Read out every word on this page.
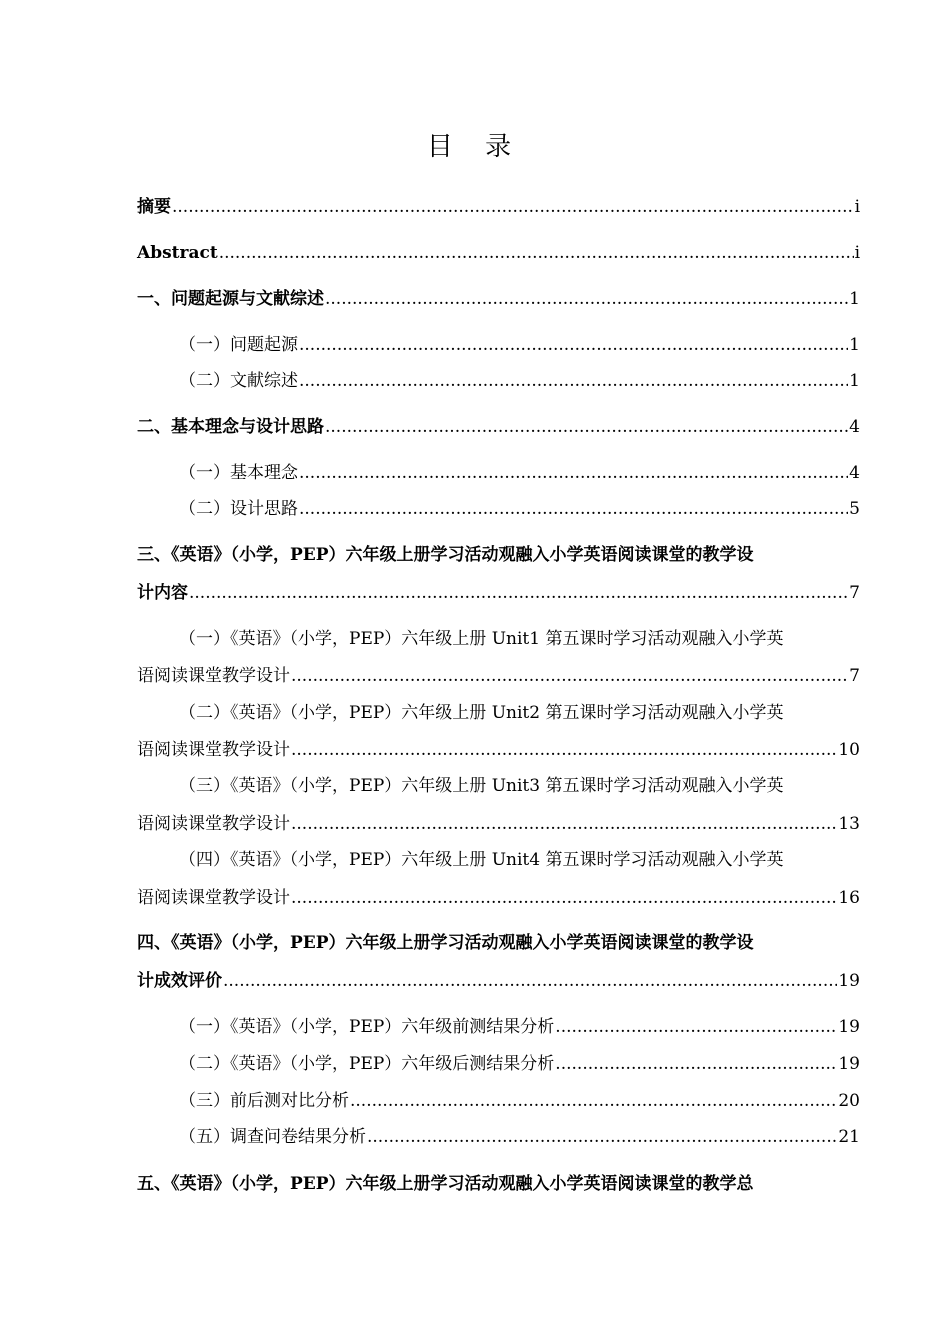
目 录
摘要 .....	i
Abstract .....	i
一、问题起源与文献综述 .....	1
（一）问题起源 .....	1
（二）文献综述 .....	1
二、基本理念与设计思路 .....	4
（一）基本理念 .....	4
（二）设计思路 .....	5
三、《英语》（小学，PEP）六年级上册学习活动观融入小学英语阅读课堂的教学设
计内容 .....	7
（一）《英语》（小学，PEP）六年级上册 Unit1 第五课时学习活动观融入小学英
语阅读课堂教学设计 .....	7
（二）《英语》（小学，PEP）六年级上册 Unit2 第五课时学习活动观融入小学英
语阅读课堂教学设计 .....	10
（三）《英语》（小学，PEP）六年级上册 Unit3 第五课时学习活动观融入小学英
语阅读课堂教学设计 .....	13
（四）《英语》（小学，PEP）六年级上册 Unit4 第五课时学习活动观融入小学英
语阅读课堂教学设计 .....	16
四、《英语》（小学，PEP）六年级上册学习活动观融入小学英语阅读课堂的教学设
计成效评价 .....	19
（一）《英语》（小学，PEP）六年级前测结果分析 .....	19
（二）《英语》（小学，PEP）六年级后测结果分析 .....	19
（三）前后测对比分析 .....	20
（五）调查问卷结果分析 .....	21
五、《英语》（小学，PEP）六年级上册学习活动观融入小学英语阅读课堂的教学总
